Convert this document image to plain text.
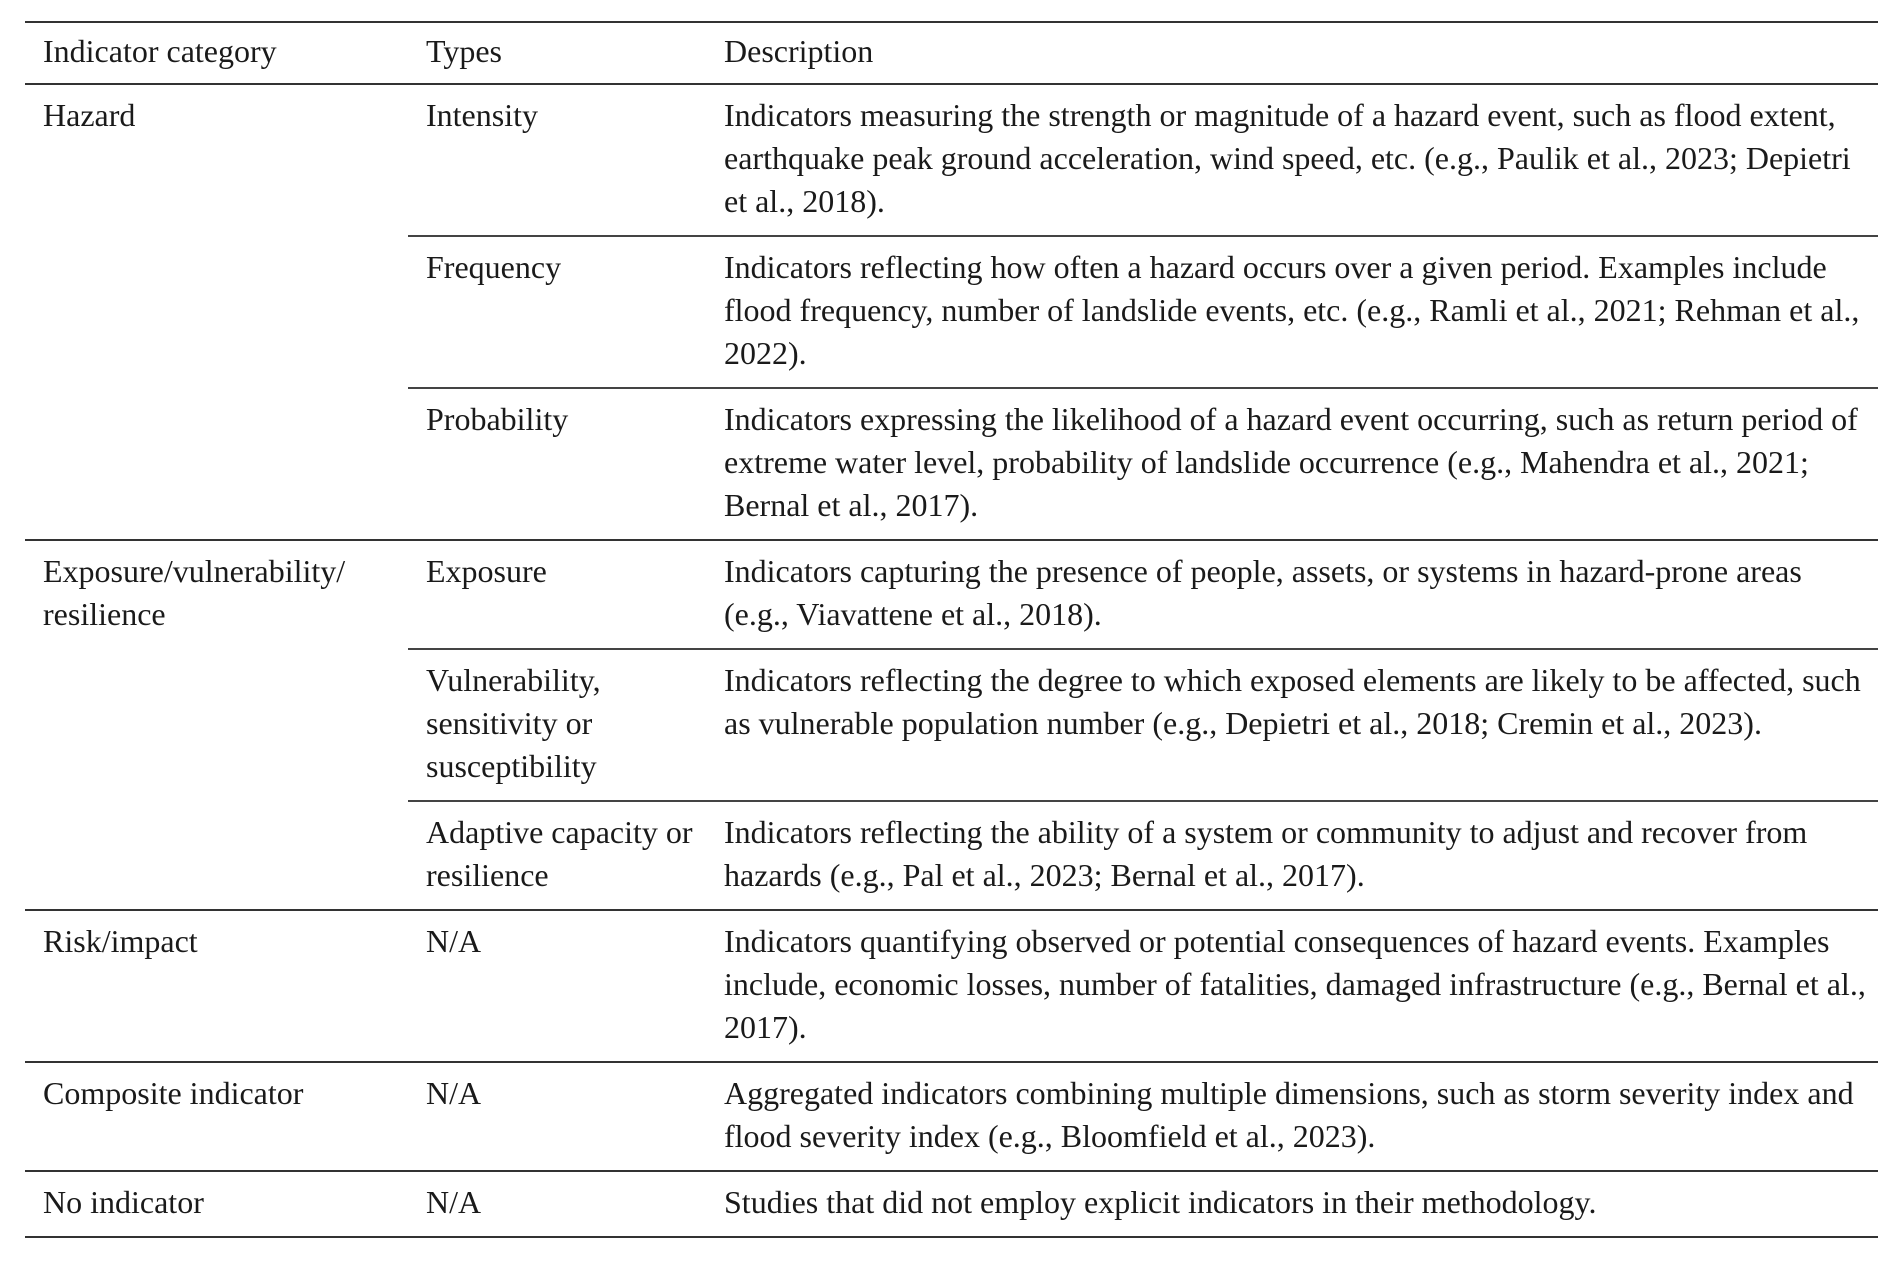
Indicator category	Types	Description
Hazard	Intensity	Indicators measuring the strength or magnitude of a hazard event, such as flood extent, earthquake peak ground acceleration, wind speed, etc. (e.g., Paulik et al., 2023; Depietri et al., 2018).
	Frequency	Indicators reflecting how often a hazard occurs over a given period. Examples include flood frequency, number of landslide events, etc. (e.g., Ramli et al., 2021; Rehman et al., 2022).
	Probability	Indicators expressing the likelihood of a hazard event occurring, such as return period of extreme water level, probability of landslide occurrence (e.g., Mahendra et al., 2021; Bernal et al., 2017).
Exposure/vulnerability/ resilience	Exposure	Indicators capturing the presence of people, assets, or systems in hazard-prone areas (e.g., Viavattene et al., 2018).
	Vulnerability, sensitivity or susceptibility	Indicators reflecting the degree to which exposed elements are likely to be affected, such as vulnerable population number (e.g., Depietri et al., 2018; Cremin et al., 2023).
	Adaptive capacity or resilience	Indicators reflecting the ability of a system or community to adjust and recover from hazards (e.g., Pal et al., 2023; Bernal et al., 2017).
Risk/impact	N/A	Indicators quantifying observed or potential consequences of hazard events. Examples include, economic losses, number of fatalities, damaged infrastructure (e.g., Bernal et al., 2017).
Composite indicator	N/A	Aggregated indicators combining multiple dimensions, such as storm severity index and flood severity index (e.g., Bloomfield et al., 2023).
No indicator	N/A	Studies that did not employ explicit indicators in their methodology.
